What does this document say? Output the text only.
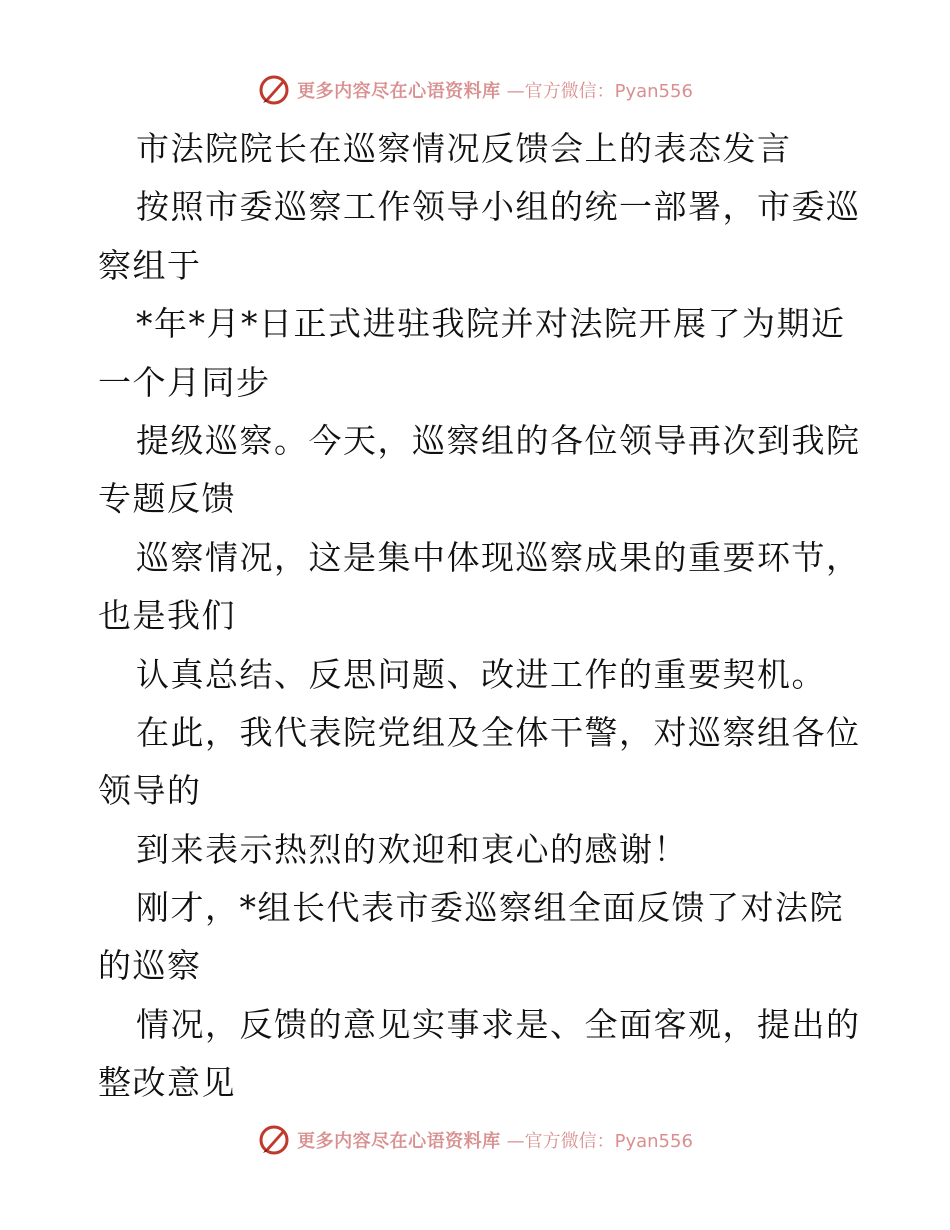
更多内容尽在心语资料库 —官方微信：Pyan556
市法院院长在巡察情况反馈会上的表态发言
按照市委巡察工作领导小组的统一部署，市委巡
察组于
*年*月*日正式进驻我院并对法院开展了为期近
一个月同步
提级巡察。今天，巡察组的各位领导再次到我院
专题反馈
巡察情况，这是集中体现巡察成果的重要环节，
也是我们
认真总结、反思问题、改进工作的重要契机。
在此，我代表院党组及全体干警，对巡察组各位
领导的
到来表示热烈的欢迎和衷心的感谢！
刚才，*组长代表市委巡察组全面反馈了对法院
的巡察
情况，反馈的意见实事求是、全面客观，提出的
整改意见
更多内容尽在心语资料库 —官方微信：Pyan556
